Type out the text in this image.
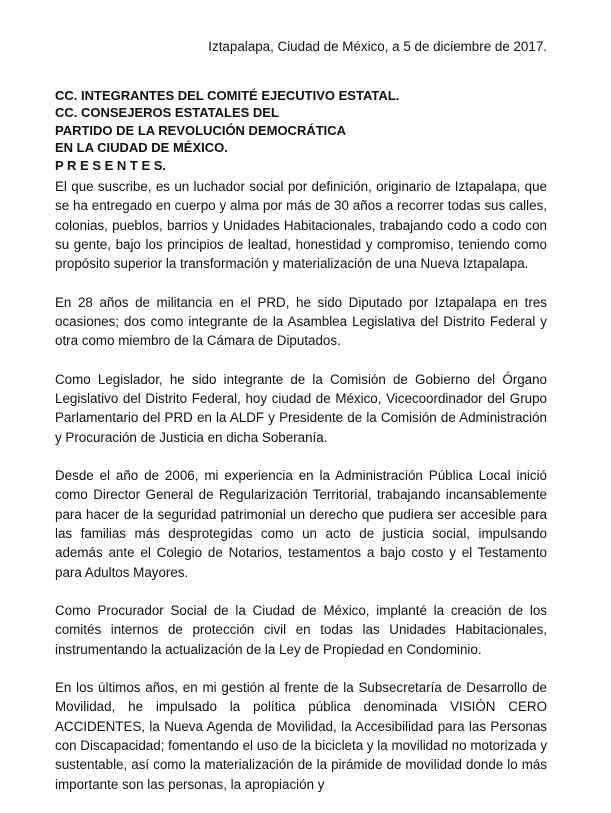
Iztapalapa, Ciudad de México, a 5 de diciembre de 2017.
CC. INTEGRANTES DEL COMITÉ EJECUTIVO ESTATAL.
CC. CONSEJEROS ESTATALES DEL
PARTIDO DE LA REVOLUCIÓN DEMOCRÁTICA
EN LA CIUDAD DE MÉXICO.
P R E S E N T E S.

El que suscribe, es un luchador social por definición, originario de Iztapalapa, que se ha entregado en cuerpo y alma por más de 30 años a recorrer todas sus calles, colonias, pueblos, barrios y Unidades Habitacionales, trabajando codo a codo con su gente, bajo los principios de lealtad, honestidad y compromiso, teniendo como propósito superior la transformación y materialización de una Nueva Iztapalapa.

En 28 años de militancia en el PRD, he sido Diputado por Iztapalapa en tres ocasiones; dos como integrante de la Asamblea Legislativa del Distrito Federal y otra como miembro de la Cámara de Diputados.

Como Legislador, he sido integrante de la Comisión de Gobierno del Órgano Legislativo del Distrito Federal, hoy ciudad de México, Vicecoordinador del Grupo Parlamentario del PRD en la ALDF y Presidente de la Comisión de Administración y Procuración de Justicia en dicha Soberanía.

Desde el año de 2006, mi experiencia en la Administración Pública Local inició como Director General de Regularización Territorial, trabajando incansablemente para hacer de la seguridad patrimonial un derecho que pudiera ser accesible para las familias más desprotegidas como un acto de justicia social, impulsando además ante el Colegio de Notarios, testamentos a bajo costo y el Testamento para Adultos Mayores.

Como Procurador Social de la Ciudad de México, implanté la creación de los comités internos de protección civil en todas las Unidades Habitacionales, instrumentando la actualización de la Ley de Propiedad en Condominio.

En los últimos años, en mi gestión al frente de la Subsecretaría de Desarrollo de Movilidad, he impulsado la política pública denominada VISIÓN CERO ACCIDENTES, la Nueva Agenda de Movilidad, la Accesibilidad para las Personas con Discapacidad; fomentando el uso de la bicicleta y la movilidad no motorizada y sustentable, así como la materialización de la pirámide de movilidad donde lo más importante son las personas, la apropiación y
